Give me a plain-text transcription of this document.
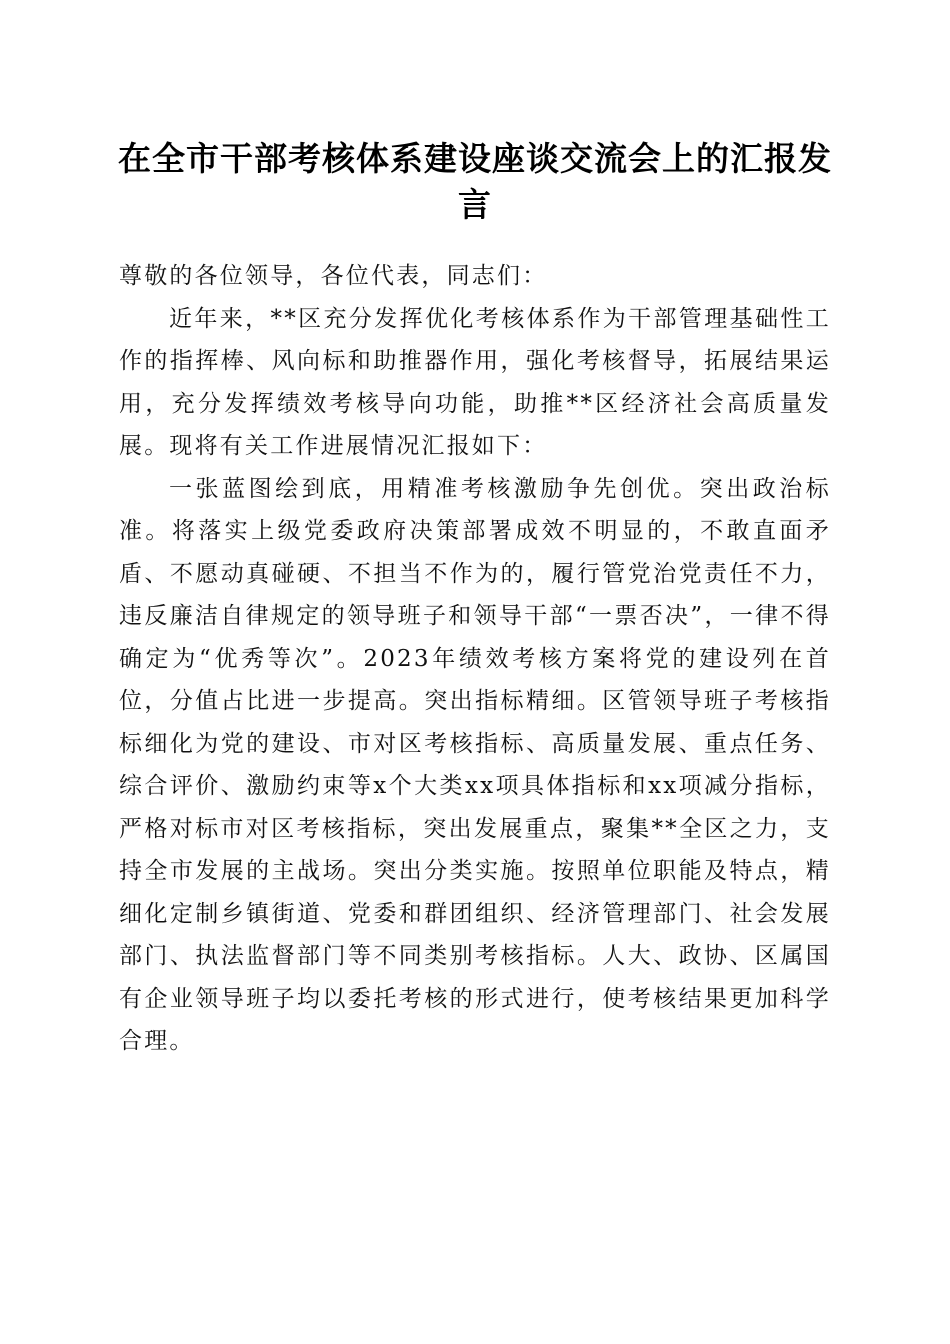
在全市干部考核体系建设座谈交流会上的汇报发言

尊敬的各位领导，各位代表，同志们：

近年来，**区充分发挥优化考核体系作为干部管理基础性工作的指挥棒、风向标和助推器作用，强化考核督导，拓展结果运用，充分发挥绩效考核导向功能，助推**区经济社会高质量发展。现将有关工作进展情况汇报如下：

一张蓝图绘到底，用精准考核激励争先创优。突出政治标准。将落实上级党委政府决策部署成效不明显的，不敢直面矛盾、不愿动真碰硬、不担当不作为的，履行管党治党责任不力，违反廉洁自律规定的领导班子和领导干部“一票否决”，一律不得确定为“优秀等次”。2023年绩效考核方案将党的建设列在首位，分值占比进一步提高。突出指标精细。区管领导班子考核指标细化为党的建设、市对区考核指标、高质量发展、重点任务、综合评价、激励约束等x个大类xx项具体指标和xx项减分指标，严格对标市对区考核指标，突出发展重点，聚集**全区之力，支持全市发展的主战场。突出分类实施。按照单位职能及特点，精细化定制乡镇街道、党委和群团组织、经济管理部门、社会发展部门、执法监督部门等不同类别考核指标。人大、政协、区属国有企业领导班子均以委托考核的形式进行，使考核结果更加科学合理。
